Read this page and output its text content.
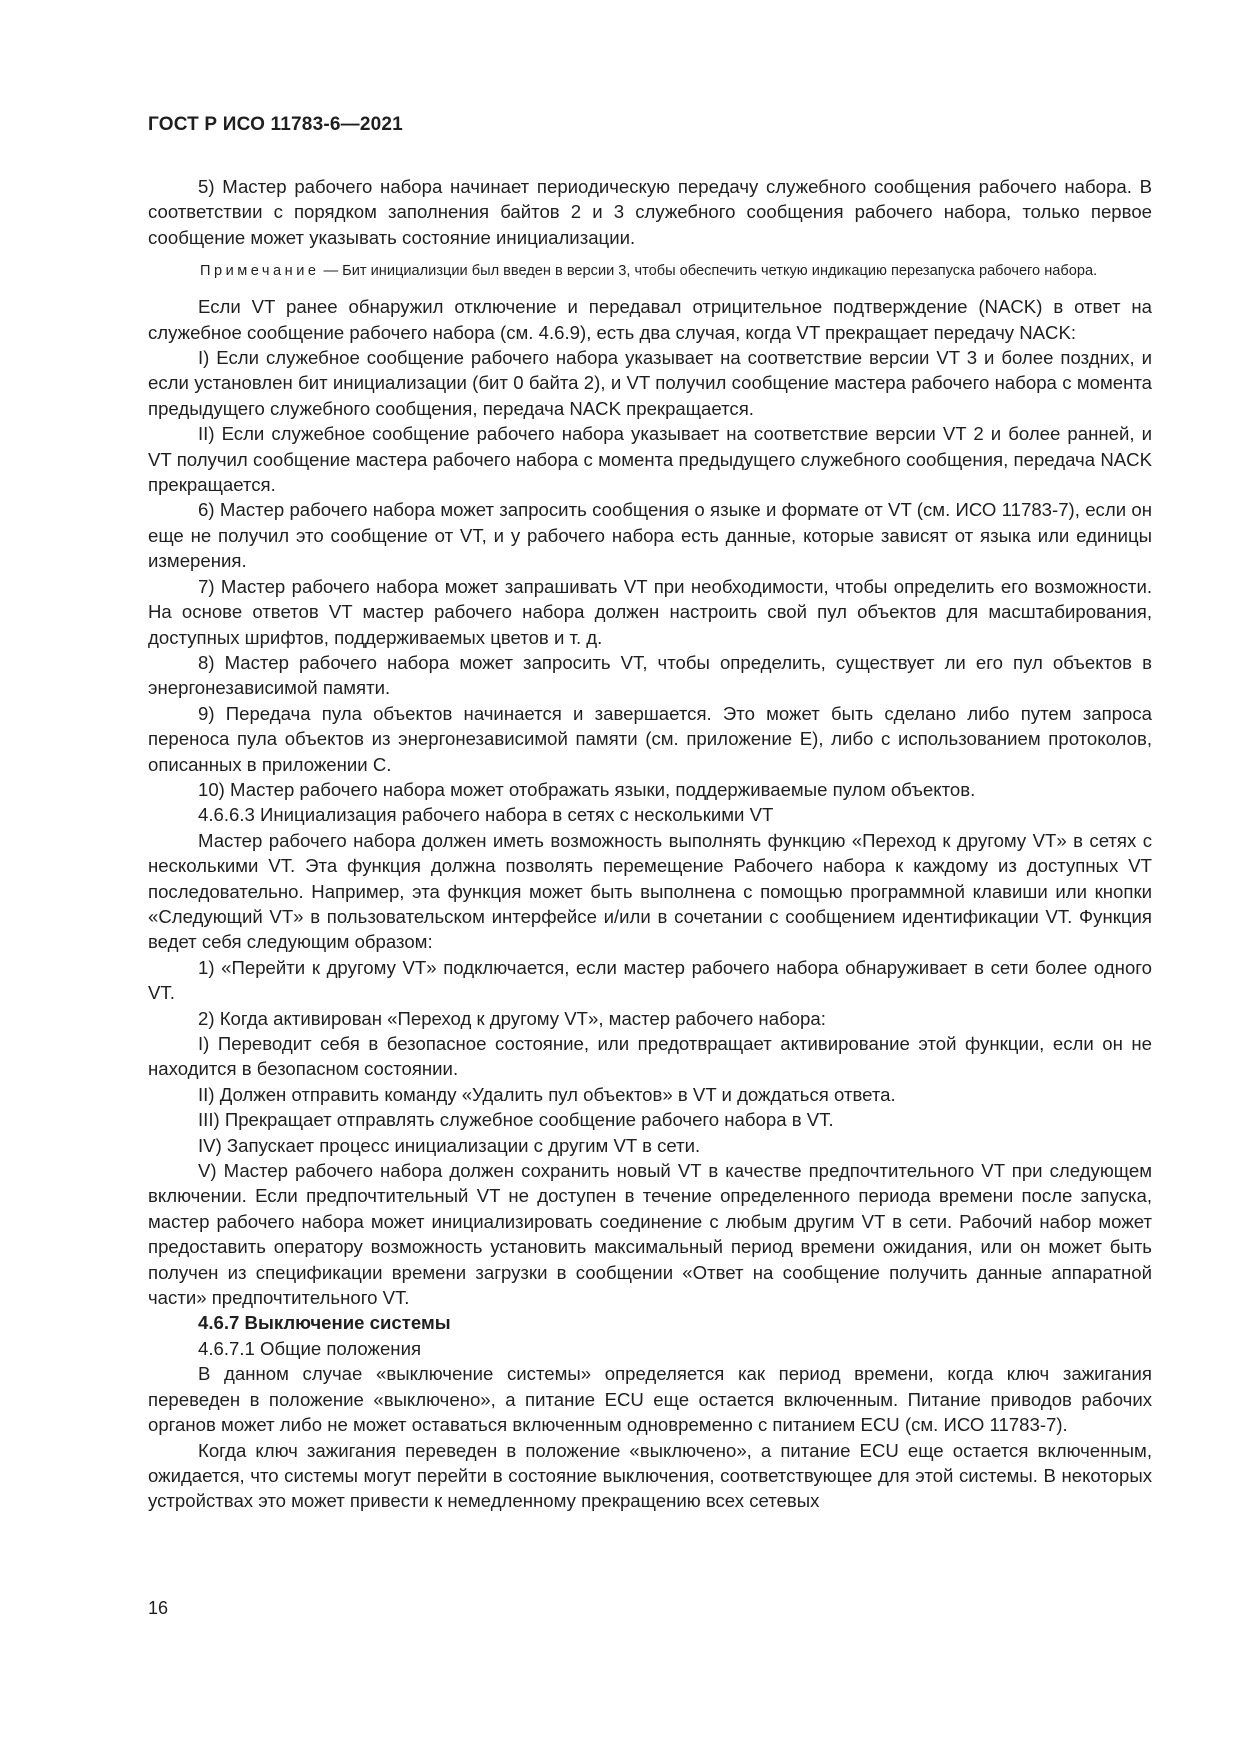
ГОСТ Р ИСО 11783-6—2021

5) Мастер рабочего набора начинает периодическую передачу служебного сообщения рабочего набора. В соответствии с порядком заполнения байтов 2 и 3 служебного сообщения рабочего набора, только первое сообщение может указывать состояние инициализации.

Примечание — Бит инициализции был введен в версии 3, чтобы обеспечить четкую индикацию перезапуска рабочего набора.

Если VT ранее обнаружил отключение и передавал отрицительное подтверждение (NACK) в ответ на служебное сообщение рабочего набора (см. 4.6.9), есть два случая, когда VT прекращает передачу NACK:

I) Если служебное сообщение рабочего набора указывает на соответствие версии VT 3 и более поздних, и если установлен бит инициализации (бит 0 байта 2), и VT получил сообщение мастера рабочего набора с момента предыдущего служебного сообщения, передача NACK прекращается.

II) Если служебное сообщение рабочего набора указывает на соответствие версии VT 2 и более ранней, и VT получил сообщение мастера рабочего набора с момента предыдущего служебного сообщения, передача NACK прекращается.

6) Мастер рабочего набора может запросить сообщения о языке и формате от VT (см. ИСО 11783-7), если он еще не получил это сообщение от VT, и у рабочего набора есть данные, которые зависят от языка или единицы измерения.

7) Мастер рабочего набора может запрашивать VT при необходимости, чтобы определить его возможности. На основе ответов VT мастер рабочего набора должен настроить свой пул объектов для масштабирования, доступных шрифтов, поддерживаемых цветов и т. д.

8) Мастер рабочего набора может запросить VT, чтобы определить, существует ли его пул объектов в энергонезависимой памяти.

9) Передача пула объектов начинается и завершается. Это может быть сделано либо путем запроса переноса пула объектов из энергонезависимой памяти (см. приложение E), либо с использованием протоколов, описанных в приложении C.

10) Мастер рабочего набора может отображать языки, поддерживаемые пулом объектов.

4.6.6.3 Инициализация рабочего набора в сетях с несколькими VT

Мастер рабочего набора должен иметь возможность выполнять функцию «Переход к другому VT» в сетях с несколькими VT. Эта функция должна позволять перемещение Рабочего набора к каждому из доступных VT последовательно. Например, эта функция может быть выполнена с помощью программной клавиши или кнопки «Следующий VT» в пользовательском интерфейсе и/или в сочетании с сообщением идентификации VT. Функция ведет себя следующим образом:

1) «Перейти к другому VT» подключается, если мастер рабочего набора обнаруживает в сети более одного VT.

2) Когда активирован «Переход к другому VT», мастер рабочего набора:

I) Переводит себя в безопасное состояние, или предотвращает активирование этой функции, если он не находится в безопасном состоянии.

II) Должен отправить команду «Удалить пул объектов» в VT и дождаться ответа.

III) Прекращает отправлять служебное сообщение рабочего набора в VT.

IV) Запускает процесс инициализации с другим VT в сети.

V) Мастер рабочего набора должен сохранить новый VT в качестве предпочтительного VT при следующем включении. Если предпочтительный VT не доступен в течение определенного периода времени после запуска, мастер рабочего набора может инициализировать соединение с любым другим VT в сети. Рабочий набор может предоставить оператору возможность установить максимальный период времени ожидания, или он может быть получен из спецификации времени загрузки в сообщении «Ответ на сообщение получить данные аппаратной части» предпочтительного VT.

4.6.7 Выключение системы

4.6.7.1 Общие положения

В данном случае «выключение системы» определяется как период времени, когда ключ зажигания переведен в положение «выключено», а питание ECU еще остается включенным. Питание приводов рабочих органов может либо не может оставаться включенным одновременно с питанием ECU (см. ИСО 11783-7).

Когда ключ зажигания переведен в положение «выключено», а питание ECU еще остается включенным, ожидается, что системы могут перейти в состояние выключения, соответствующее для этой системы. В некоторых устройствах это может привести к немедленному прекращению всех сетевых

16
